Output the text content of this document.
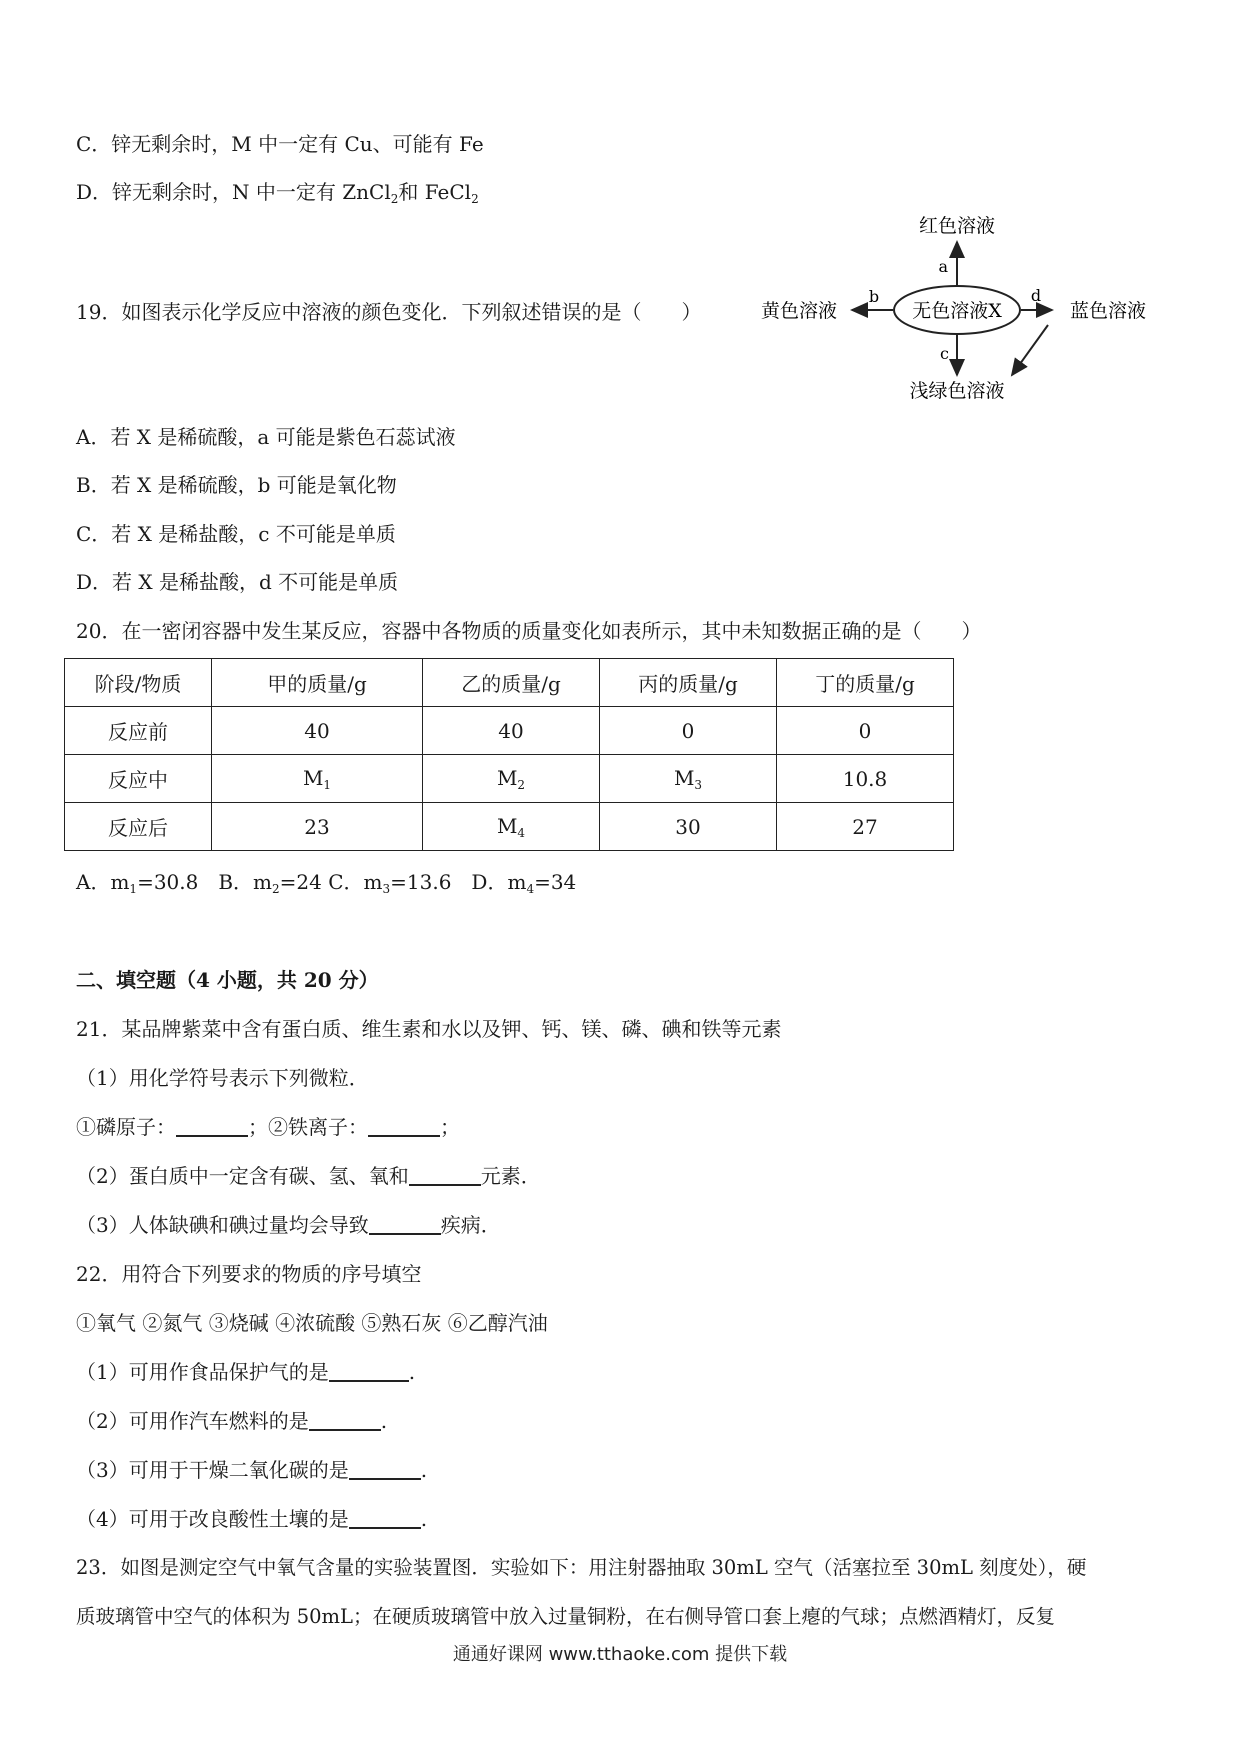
C．锌无剩余时，M 中一定有 Cu、可能有 Fe
D．锌无剩余时，N 中一定有 ZnCl$_2$和 FeCl$_2$
19．如图表示化学反应中溶液的颜色变化．下列叙述错误的是（　　）	无色溶液X
a
红色溶液
b
黄色溶液
d
蓝色溶液
c
浅绿色溶液
A．若 X 是稀硫酸，a 可能是紫色石蕊试液
B．若 X 是稀硫酸，b 可能是氧化物
C．若 X 是稀盐酸，c 不可能是单质
D．若 X 是稀盐酸，d 不可能是单质
20．在一密闭容器中发生某反应，容器中各物质的质量变化如表所示，其中未知数据正确的是（　　）
阶段/物质	甲的质量/g	乙的质量/g	丙的质量/g	丁的质量/g
反应前	40	40	0	0
反应中	$M_1$	$M_2$	$M_3$	10.8
反应后	23	$M_4$	30	27
A．$m_1=30.8$　B．$m_2=24$ C．$m_3=13.6$　D．$m_4=34$
二、填空题（4 小题，共 20 分）
21．某品牌紫菜中含有蛋白质、维生素和水以及钾、钙、镁、磷、碘和铁等元素
（1）用化学符号表示下列微粒．
①磷原子：	；②铁离子：	；
（2）蛋白质中一定含有碳、氢、氧和	元素．
（3）人体缺碘和碘过量均会导致	疾病．
22．用符合下列要求的物质的序号填空
①氧气 ②氮气 ③烧碱 ④浓硫酸 ⑤熟石灰 ⑥乙醇汽油
（1）可用作食品保护气的是	.
（2）可用作汽车燃料的是	.
（3）可用于干燥二氧化碳的是	.
（4）可用于改良酸性土壤的是	.
23．如图是测定空气中氧气含量的实验装置图．实验如下：用注射器抽取 30mL 空气（活塞拉至 30mL 刻度处），硬
质玻璃管中空气的体积为 50mL；在硬质玻璃管中放入过量铜粉，在右侧导管口套上瘪的气球；点燃酒精灯，反复
通通好课网 www.tthaoke.com 提供下载
